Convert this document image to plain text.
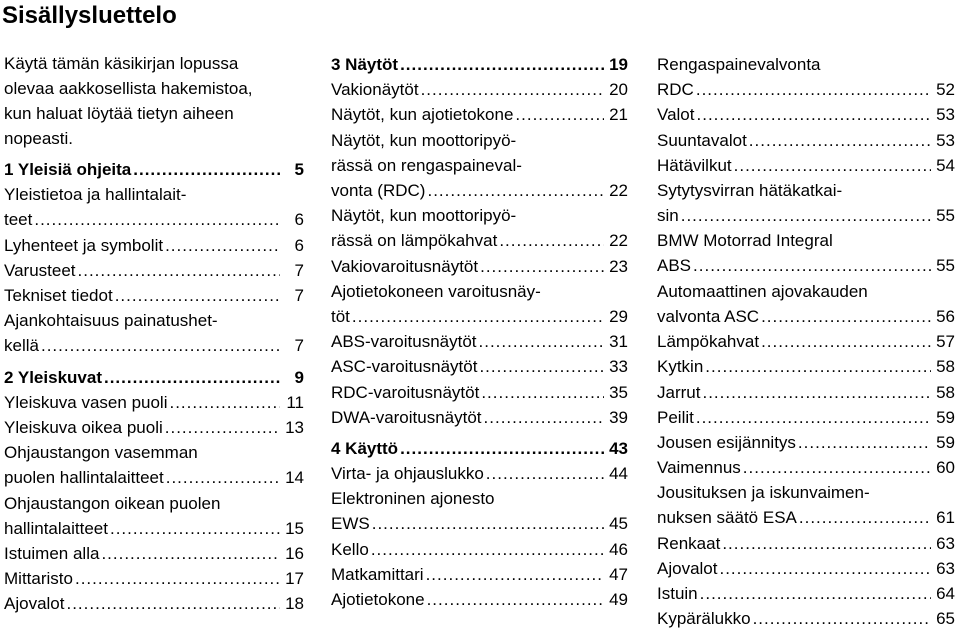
Sisällysluettelo
Käytä tämän käsikirjan lopussa
olevaa aakkosellista hakemistoa,
kun haluat löytää tietyn aiheen
nopeasti.
1 Yleisiä ohjeita .....	5
Yleistietoa ja hallintalait-
teet .....	6
Lyhenteet ja symbolit .....	6
Varusteet .....	7
Tekniset tiedot .....	7
Ajankohtaisuus painatushet-
kellä .....	7
2 Yleiskuvat .....	9
Yleiskuva vasen puoli .....	11
Yleiskuva oikea puoli .....	13
Ohjaustangon vasemman
puolen hallintalaitteet .....	14
Ohjaustangon oikean puolen
hallintalaitteet .....	15
Istuimen alla .....	16
Mittaristo .....	17
Ajovalot .....	18
3 Näytöt .....	19
Vakionäytöt .....	20
Näytöt, kun ajotietokone .....	21
Näytöt, kun moottoripyö-
rässä on rengaspaineval-
vonta (RDC) .....	22
Näytöt, kun moottoripyö-
rässä on lämpökahvat .....	22
Vakiovaroitusnäytöt .....	23
Ajotietokoneen varoitusnäy-
töt .....	29
ABS-varoitusnäytöt .....	31
ASC-varoitusnäytöt .....	33
RDC-varoitusnäytöt .....	35
DWA-varoitusnäytöt .....	39
4 Käyttö .....	43
Virta- ja ohjauslukko .....	44
Elektroninen ajonesto
EWS .....	45
Kello .....	46
Matkamittari .....	47
Ajotietokone .....	49
Rengaspainevalvonta
RDC .....	52
Valot .....	53
Suuntavalot .....	53
Hätävilkut .....	54
Sytytysvirran hätäkatkai-
sin .....	55
BMW Motorrad Integral
ABS .....	55
Automaattinen ajovakauden
valvonta ASC .....	56
Lämpökahvat .....	57
Kytkin .....	58
Jarrut .....	58
Peilit .....	59
Jousen esijännitys .....	59
Vaimennus .....	60
Jousituksen ja iskunvaimen-
nuksen säätö ESA .....	61
Renkaat .....	63
Ajovalot .....	63
Istuin .....	64
Kypärälukko .....	65
